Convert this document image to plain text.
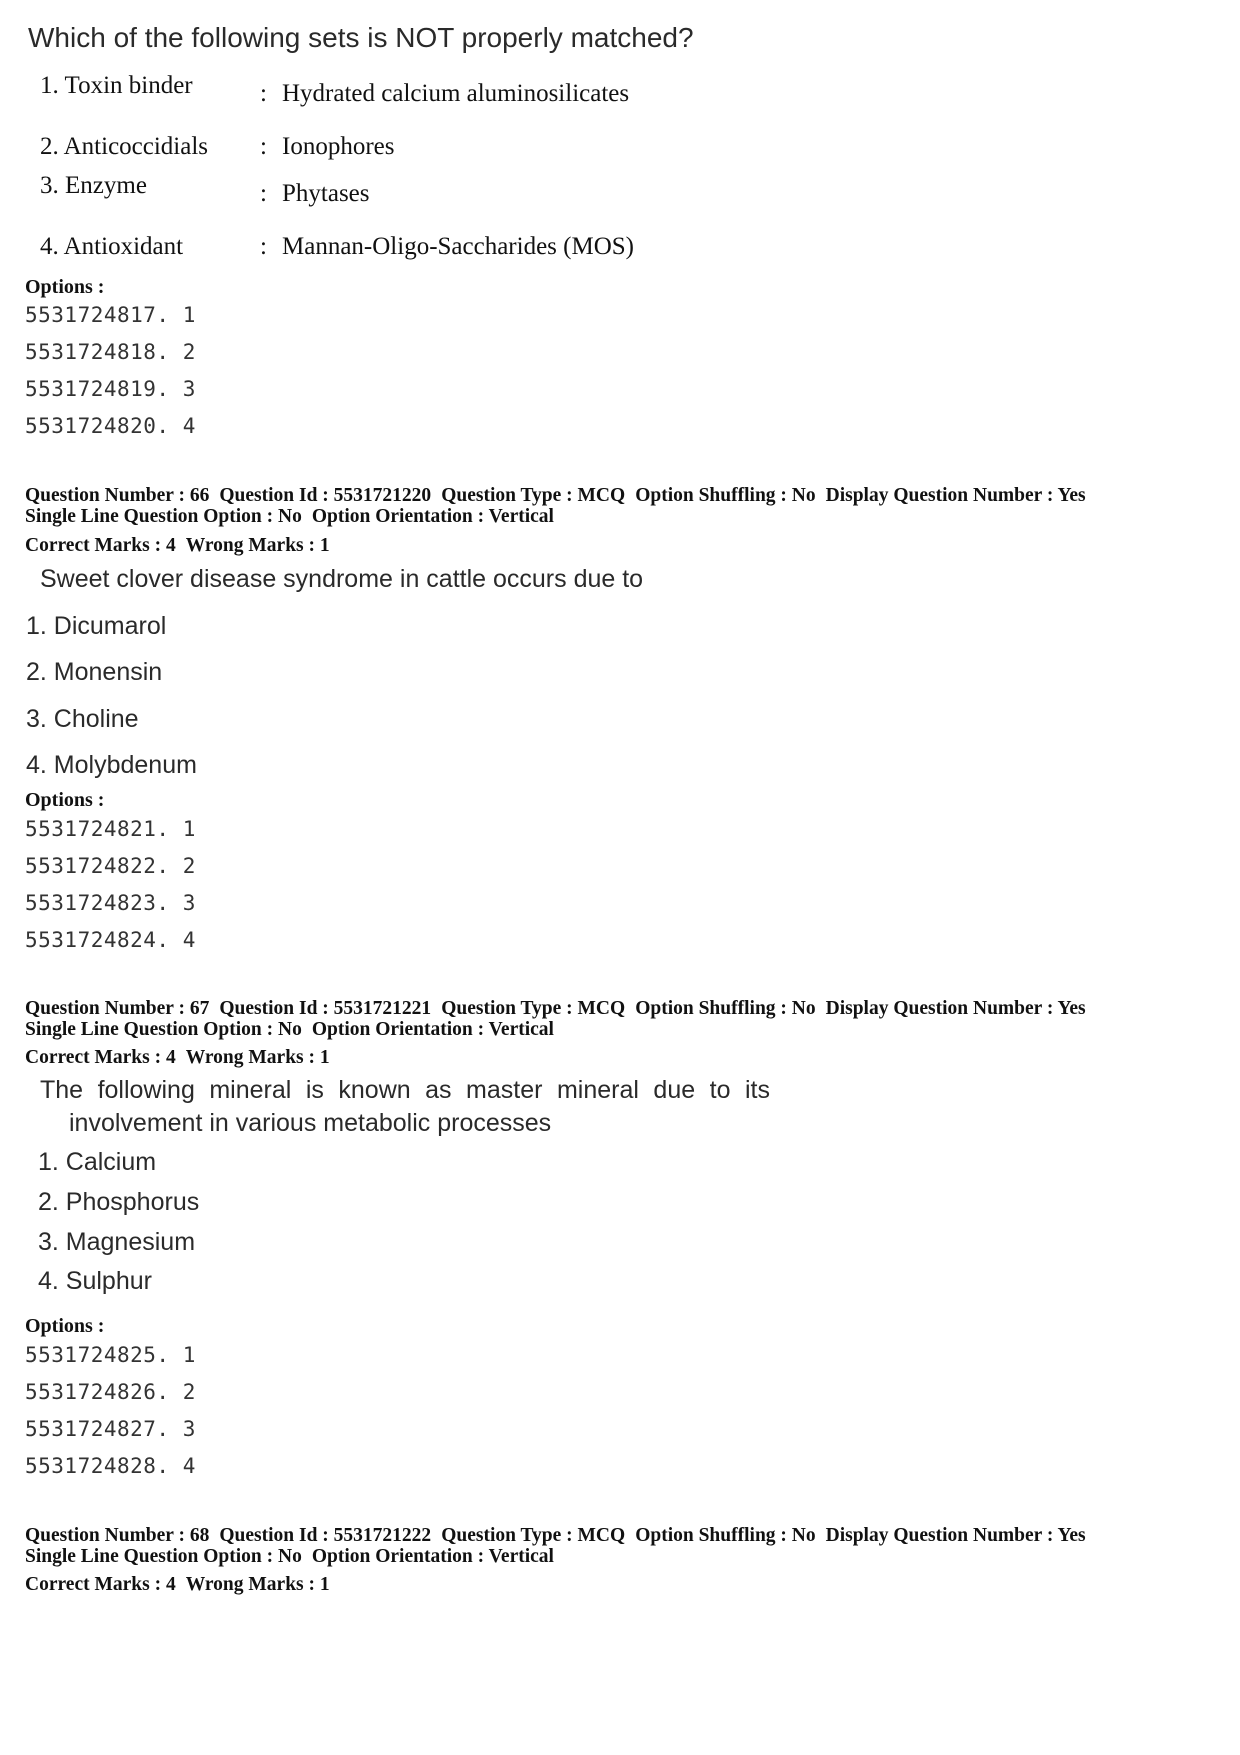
Which of the following sets is NOT properly matched?
1. Toxin binder	: Hydrated calcium aluminosilicates
2. Anticoccidials : Ionophores
3. Enzyme	: Phytases
4. Antioxidant	: Mannan-Oligo-Saccharides (MOS)
Options :
5531724817. 1
5531724818. 2
5531724819. 3
5531724820. 4
Question Number : 66 Question Id : 5531721220 Question Type : MCQ Option Shuffling : No Display Question Number : Yes
Single Line Question Option : No Option Orientation : Vertical
Correct Marks : 4 Wrong Marks : 1
Sweet clover disease syndrome in cattle occurs due to
1. Dicumarol
2. Monensin
3. Choline
4. Molybdenum
Options :
5531724821. 1
5531724822. 2
5531724823. 3
5531724824. 4
Question Number : 67 Question Id : 5531721221 Question Type : MCQ Option Shuffling : No Display Question Number : Yes
Single Line Question Option : No Option Orientation : Vertical
Correct Marks : 4 Wrong Marks : 1
The following mineral is known as master mineral due to its
involvement in various metabolic processes
1. Calcium
2. Phosphorus
3. Magnesium
4. Sulphur
Options :
5531724825. 1
5531724826. 2
5531724827. 3
5531724828. 4
Question Number : 68 Question Id : 5531721222 Question Type : MCQ Option Shuffling : No Display Question Number : Yes
Single Line Question Option : No Option Orientation : Vertical
Correct Marks : 4 Wrong Marks : 1
